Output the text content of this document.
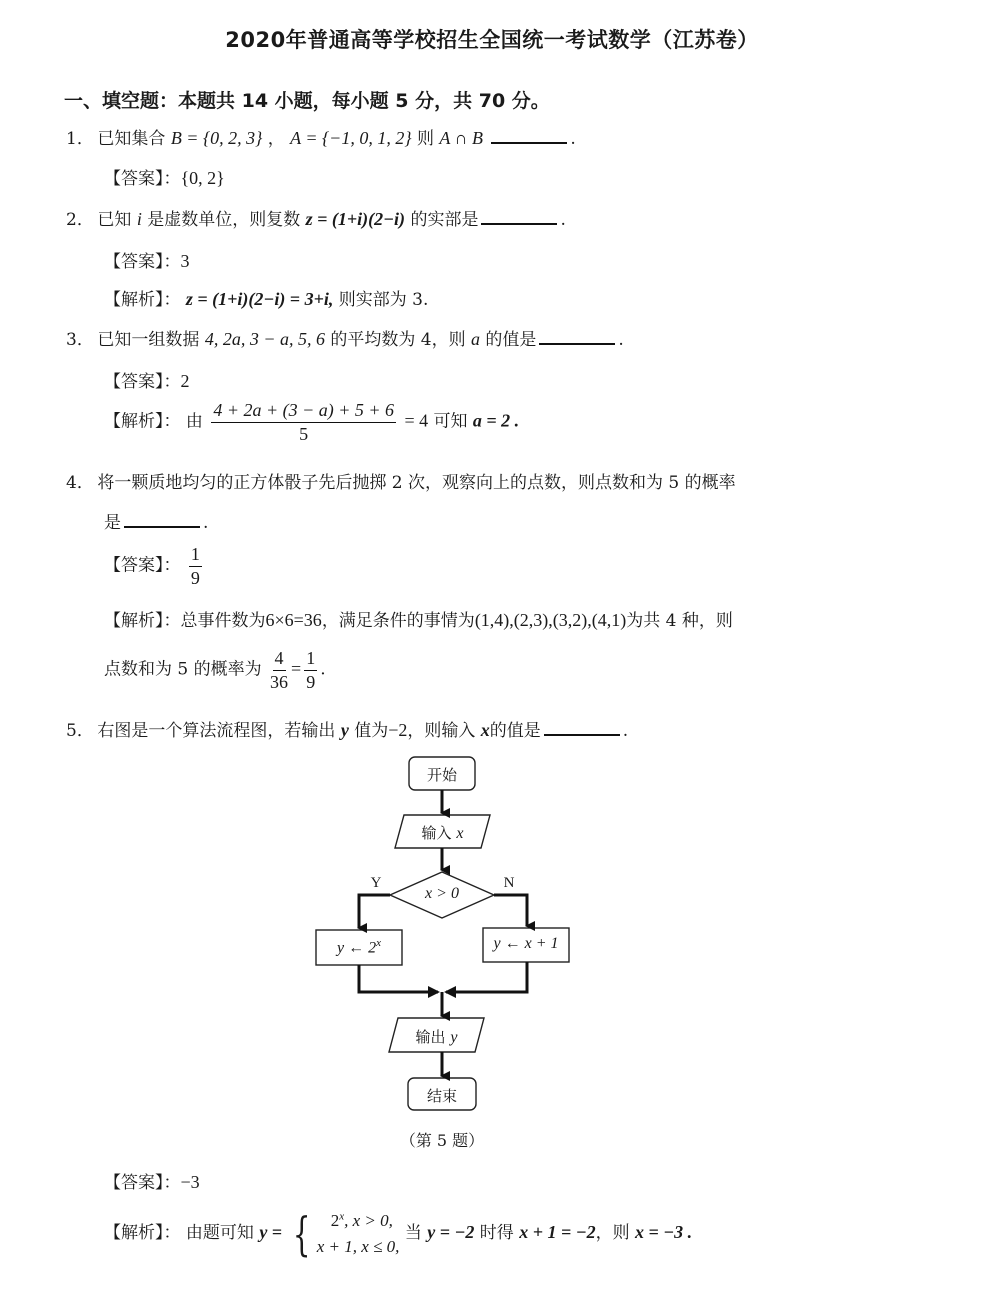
2020年普通高等学校招生全国统一考试数学（江苏卷）
一、填空题：本题共 14 小题，每小题 5 分，共 70 分。
1． 已知集合 B = {0, 2, 3} ， A = {−1, 0, 1, 2} 则 A ∩ B	.
【答案】：{0, 2}
2． 已知 i 是虚数单位，则复数 z = (1+i)(2−i) 的实部是	.
【答案】：3
【解析】： z = (1+i)(2−i) = 3+i, 则实部为 3.
3． 已知一组数据 4, 2a, 3 − a, 5, 6 的平均数为 4，则 a 的值是	.
【答案】：2
【解析】： 由 $\frac{4 + 2a + (3 - a) + 5 + 6}{5} = 4$ 可知 a = 2 .
4． 将一颗质地均匀的正方体骰子先后抛掷 2 次，观察向上的点数，则点数和为 5 的概率
是	.
【答案】： $\frac{1}{9}$
【解析】：总事件数为6×6=36，满足条件的事情为(1,4),(2,3),(3,2),(4,1)为共 4 种，则
点数和为 5 的概率为 $\frac{4}{36} = \frac{1}{9}$ .
5． 右图是一个算法流程图，若输出 y 值为−2，则输入 x的值是	.
开始
输入 x
x > 0
Y	N
y ← 2$^x$	y ← x + 1
输出 y
结束
（第 5 题）
【答案】：−3
【解析】： 由题可知 y = {	2$^x$, x > 0,
x + 1, x ≤ 0,
当 y = −2 时得 x + 1 = −2，则 x = −3 .
